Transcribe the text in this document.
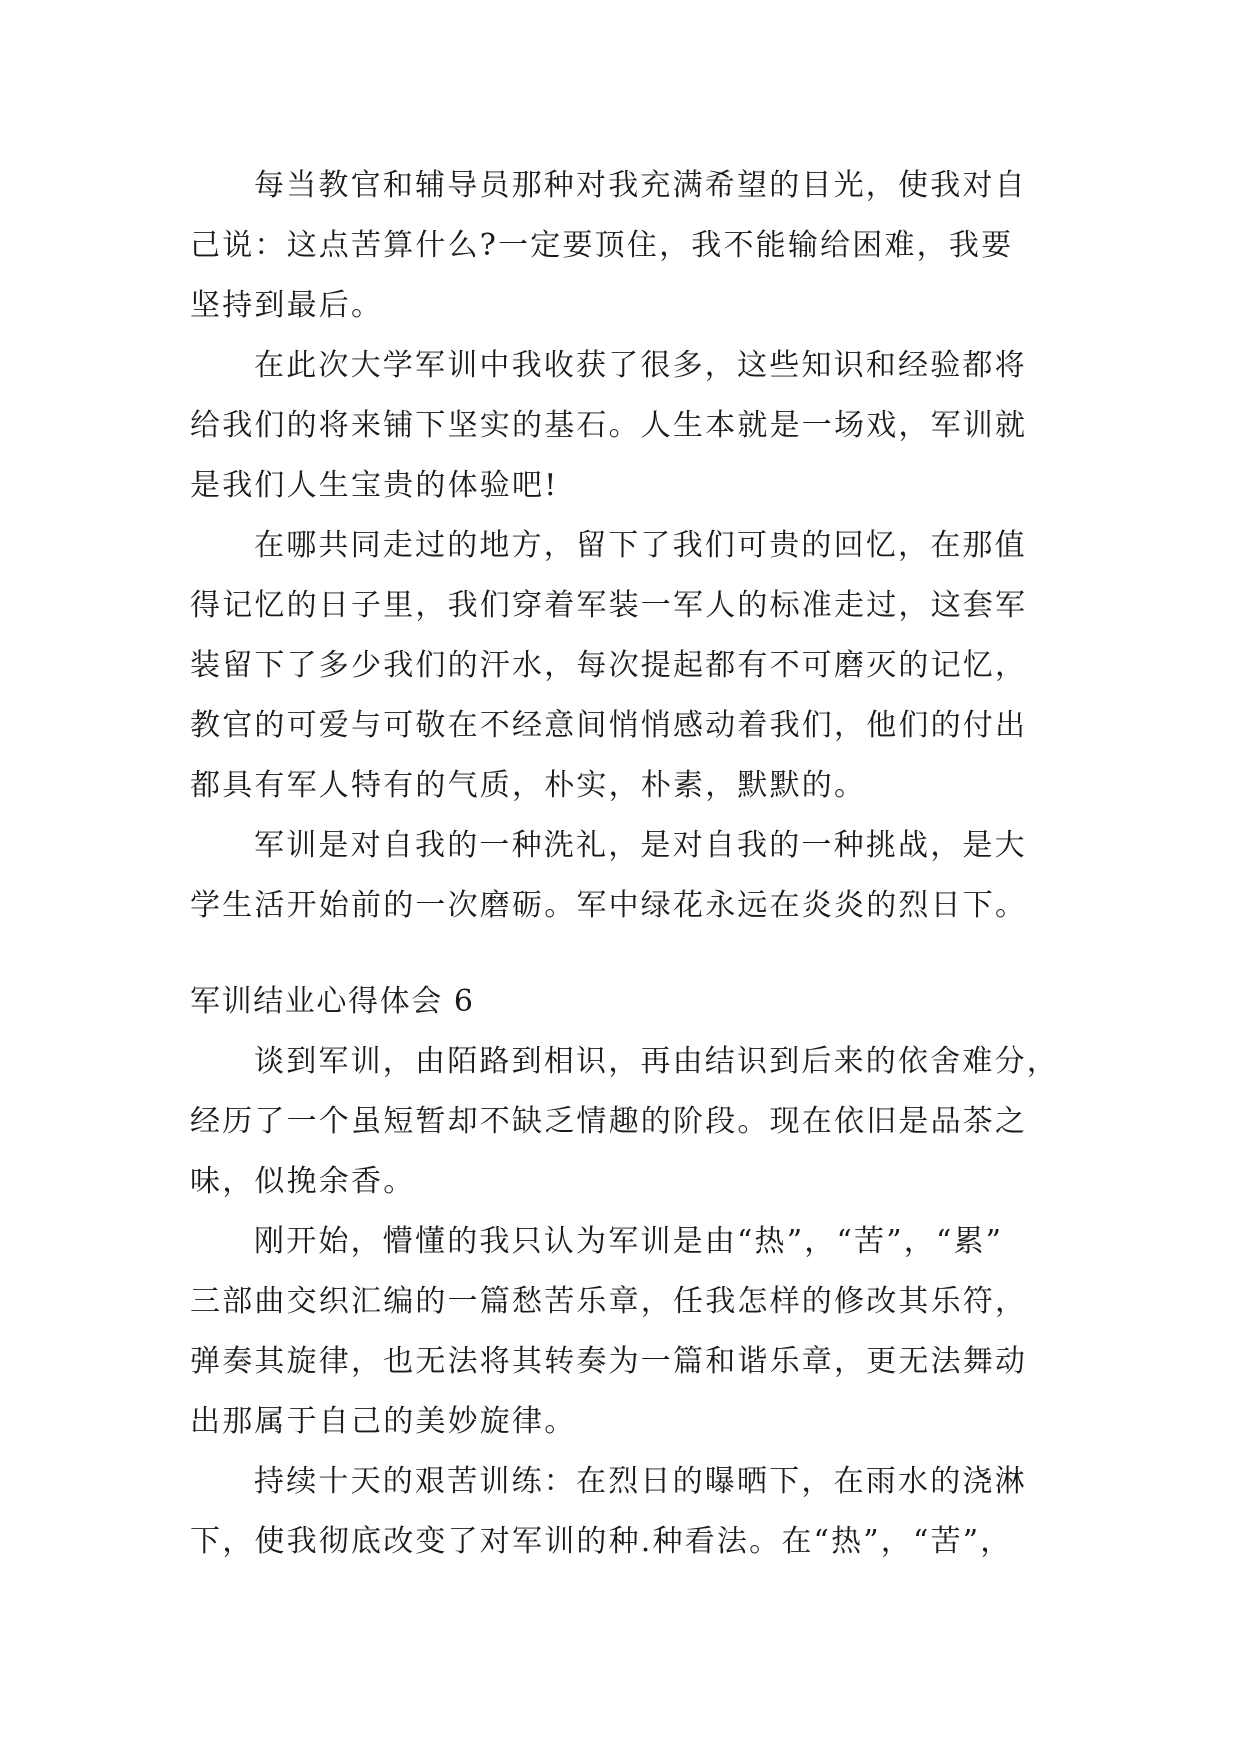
每当教官和辅导员那种对我充满希望的目光，使我对自
己说：这点苦算什么?一定要顶住，我不能输给困难，我要
坚持到最后。
在此次大学军训中我收获了很多，这些知识和经验都将
给我们的将来铺下坚实的基石。人生本就是一场戏，军训就
是我们人生宝贵的体验吧!
在哪共同走过的地方，留下了我们可贵的回忆，在那值
得记忆的日子里，我们穿着军装一军人的标准走过，这套军
装留下了多少我们的汗水，每次提起都有不可磨灭的记忆，
教官的可爱与可敬在不经意间悄悄感动着我们，他们的付出
都具有军人特有的气质，朴实，朴素，默默的。
军训是对自我的一种洗礼，是对自我的一种挑战，是大
学生活开始前的一次磨砺。军中绿花永远在炎炎的烈日下。
军训结业心得体会 6
谈到军训，由陌路到相识，再由结识到后来的依舍难分，
经历了一个虽短暂却不缺乏情趣的阶段。现在依旧是品茶之
味，似挽余香。
刚开始，懵懂的我只认为军训是由“热”，“苦”，“累”
三部曲交织汇编的一篇愁苦乐章，任我怎样的修改其乐符，
弹奏其旋律，也无法将其转奏为一篇和谐乐章，更无法舞动
出那属于自己的美妙旋律。
持续十天的艰苦训练：在烈日的曝晒下，在雨水的浇淋
下，使我彻底改变了对军训的种.种看法。在“热”，“苦”，
